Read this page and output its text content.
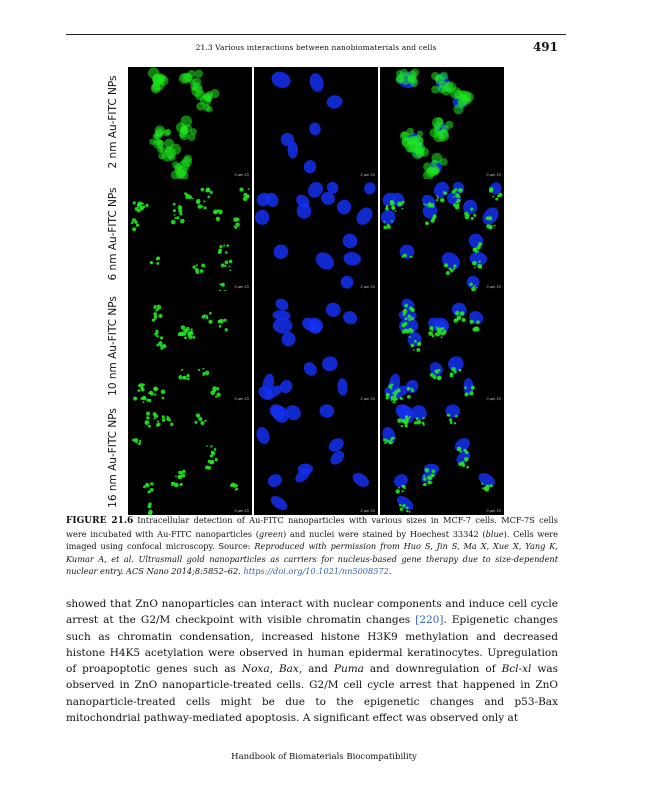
21.3 Various interactions between nanobiomaterials and cells	491
2 nm Au-FITC NPs
6 nm Au-FITC NPs
10 nm Au-FITC NPs
16 nm Au-FITC NPs
0 μm 25	0 μm 25	0 μm 25
0 μm 25	0 μm 25	0 μm 25
0 μm 25	0 μm 25	0 μm 25
0 μm 25	0 μm 25	0 μm 25
FIGURE 21.6 Intracellular detection of Au-FITC nanoparticles with various sizes in MCF-7 cells. MCF-7S cells were incubated with Au-FITC nanoparticles (green) and nuclei were stained by Hoechest 33342 (blue). Cells were imaged using confocal microscopy. Source: Reproduced with permission from Huo S, Jin S, Ma X, Xue X, Yang K, Kumar A, et al. Ultrasmall gold nanoparticles as carriers for nucleus-based gene therapy due to size-dependent nuclear entry. ACS Nano 2014;8:5852–62. https://doi.org/10.1021/nn5008572.
showed that ZnO nanoparticles can interact with nuclear components and induce cell cycle arrest at the G2/M checkpoint with visible chromatin changes [220]. Epigenetic changes such as chromatin condensation, increased histone H3K9 methylation and decreased histone H4K5 acetylation were observed in human epidermal keratinocytes. Upregulation of proapoptotic genes such as Noxa, Bax, and Puma and downregulation of Bcl-xl was observed in ZnO nanoparticle-treated cells. G2/M cell cycle arrest that happened in ZnO nanoparticle-treated cells might be due to the epigenetic changes and p53-Bax mitochondrial pathway-mediated apoptosis. A significant effect was observed only at
Handbook of Biomaterials Biocompatibility
